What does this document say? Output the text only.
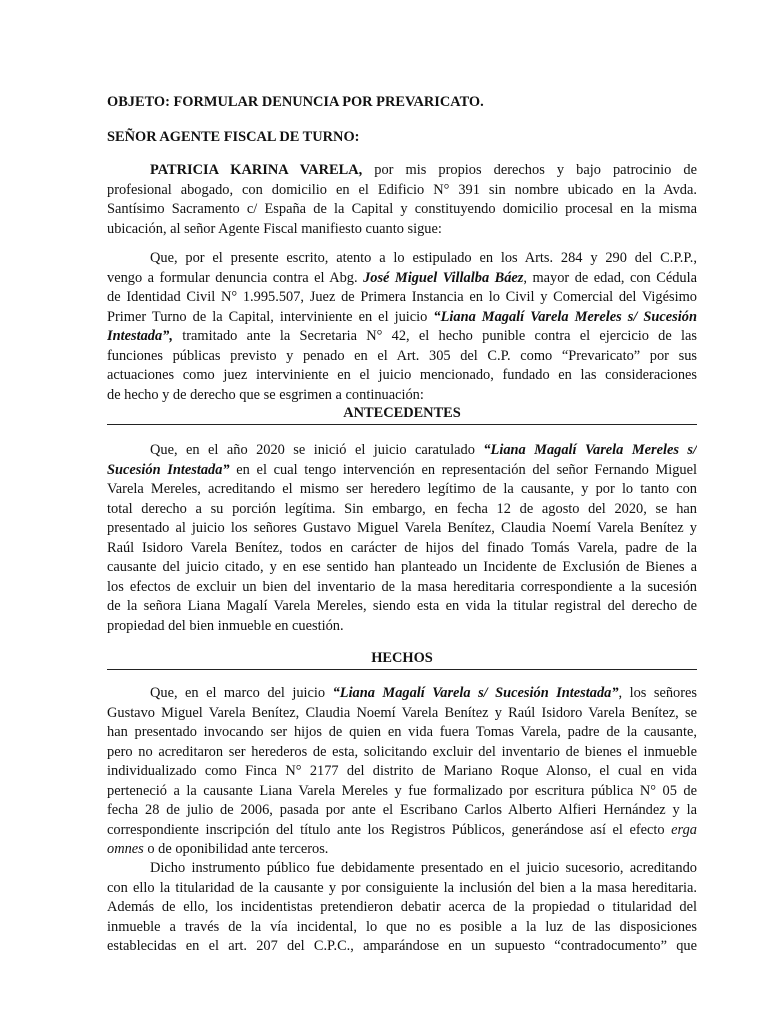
OBJETO: FORMULAR DENUNCIA POR PREVARICATO.
SEÑOR AGENTE FISCAL DE TURNO:
PATRICIA KARINA VARELA, por mis propios derechos y bajo patrocinio de
profesional abogado, con domicilio en el Edificio N° 391 sin nombre ubicado en la Avda.
Santísimo Sacramento c/ España de la Capital y constituyendo domicilio procesal en la misma
ubicación, al señor Agente Fiscal manifiesto cuanto sigue:
Que, por el presente escrito, atento a lo estipulado en los Arts. 284 y 290 del C.P.P.,
vengo a formular denuncia contra el Abg. José Miguel Villalba Báez, mayor de edad, con Cédula
de Identidad Civil N° 1.995.507, Juez de Primera Instancia en lo Civil y Comercial del Vigésimo
Primer Turno de la Capital, interviniente en el juicio “Liana Magalí Varela Mereles s/ Sucesión
Intestada”, tramitado ante la Secretaria N° 42, el hecho punible contra el ejercicio de las
funciones públicas previsto y penado en el Art. 305 del C.P. como “Prevaricato” por sus
actuaciones como juez interviniente en el juicio mencionado, fundado en las consideraciones
de hecho y de derecho que se esgrimen a continuación:
ANTECEDENTES
Que, en el año 2020 se inició el juicio caratulado “Liana Magalí Varela Mereles s/
Sucesión Intestada” en el cual tengo intervención en representación del señor Fernando Miguel
Varela Mereles, acreditando el mismo ser heredero legítimo de la causante, y por lo tanto con
total derecho a su porción legítima. Sin embargo, en fecha 12 de agosto del 2020, se han
presentado al juicio los señores Gustavo Miguel Varela Benítez, Claudia Noemí Varela Benítez y
Raúl Isidoro Varela Benítez, todos en carácter de hijos del finado Tomás Varela, padre de la
causante del juicio citado, y en ese sentido han planteado un Incidente de Exclusión de Bienes a
los efectos de excluir un bien del inventario de la masa hereditaria correspondiente a la sucesión
de la señora Liana Magalí Varela Mereles, siendo esta en vida la titular registral del derecho de
propiedad del bien inmueble en cuestión.
HECHOS
Que, en el marco del juicio “Liana Magalí Varela s/ Sucesión Intestada”, los señores
Gustavo Miguel Varela Benítez, Claudia Noemí Varela Benítez y Raúl Isidoro Varela Benítez, se
han presentado invocando ser hijos de quien en vida fuera Tomas Varela, padre de la causante,
pero no acreditaron ser herederos de esta, solicitando excluir del inventario de bienes el inmueble
individualizado como Finca N° 2177 del distrito de Mariano Roque Alonso, el cual en vida
perteneció a la causante Liana Varela Mereles y fue formalizado por escritura pública N° 05 de
fecha 28 de julio de 2006, pasada por ante el Escribano Carlos Alberto Alfieri Hernández y la
correspondiente inscripción del título ante los Registros Públicos, generándose así el efecto erga
omnes o de oponibilidad ante terceros.
Dicho instrumento público fue debidamente presentado en el juicio sucesorio, acreditando
con ello la titularidad de la causante y por consiguiente la inclusión del bien a la masa hereditaria.
Además de ello, los incidentistas pretendieron debatir acerca de la propiedad o titularidad del
inmueble a través de la vía incidental, lo que no es posible a la luz de las disposiciones
establecidas en el art. 207 del C.P.C., amparándose en un supuesto “contradocumento” que
